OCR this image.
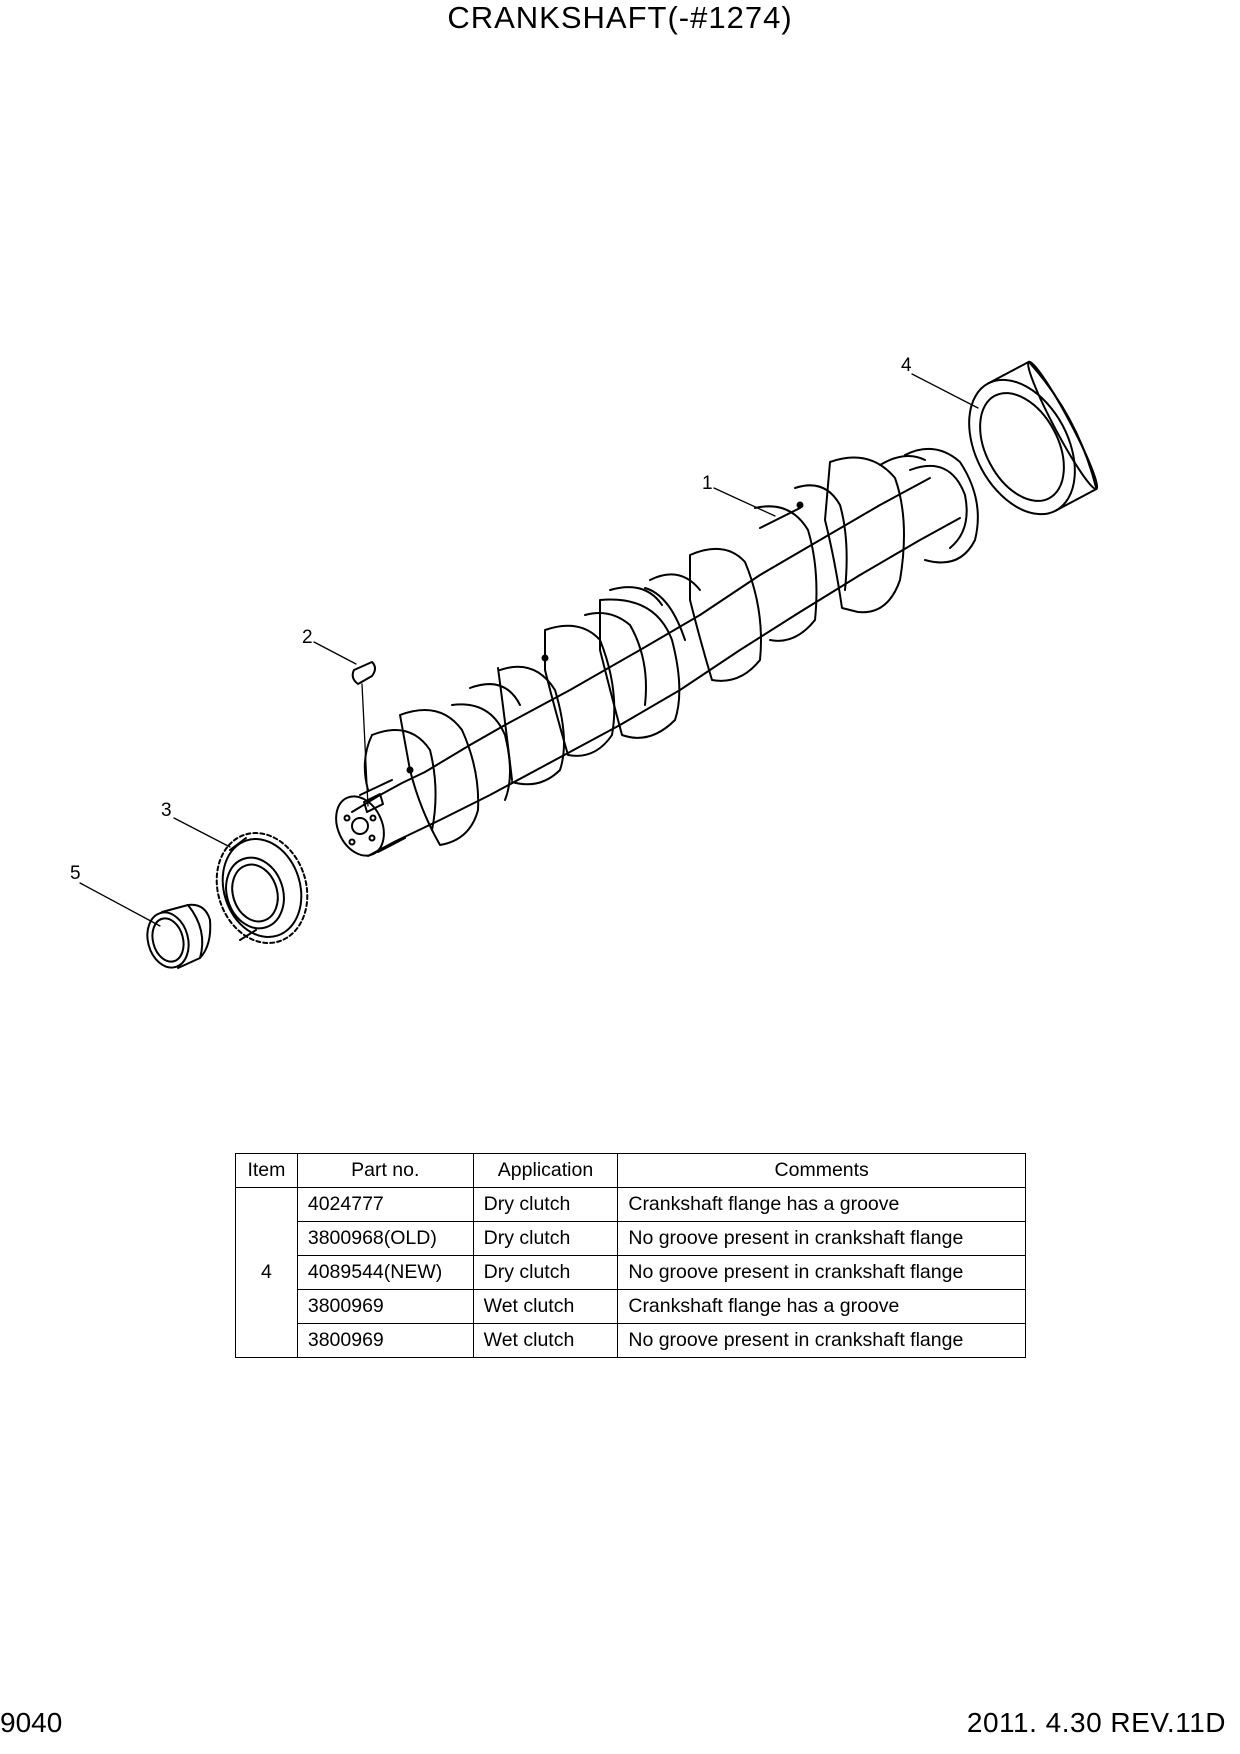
CRANKSHAFT(-#1274)
4
1
2
3
5
Item	Part no.	Application	Comments
4	4024777	Dry clutch	Crankshaft flange has a groove
	3800968(OLD)	Dry clutch	No groove present in crankshaft flange
	4089544(NEW)	Dry clutch	No groove present in crankshaft flange
	3800969	Wet clutch	Crankshaft flange has a groove
	3800969	Wet clutch	No groove present in crankshaft flange
9040	2011. 4.30 REV.11D
